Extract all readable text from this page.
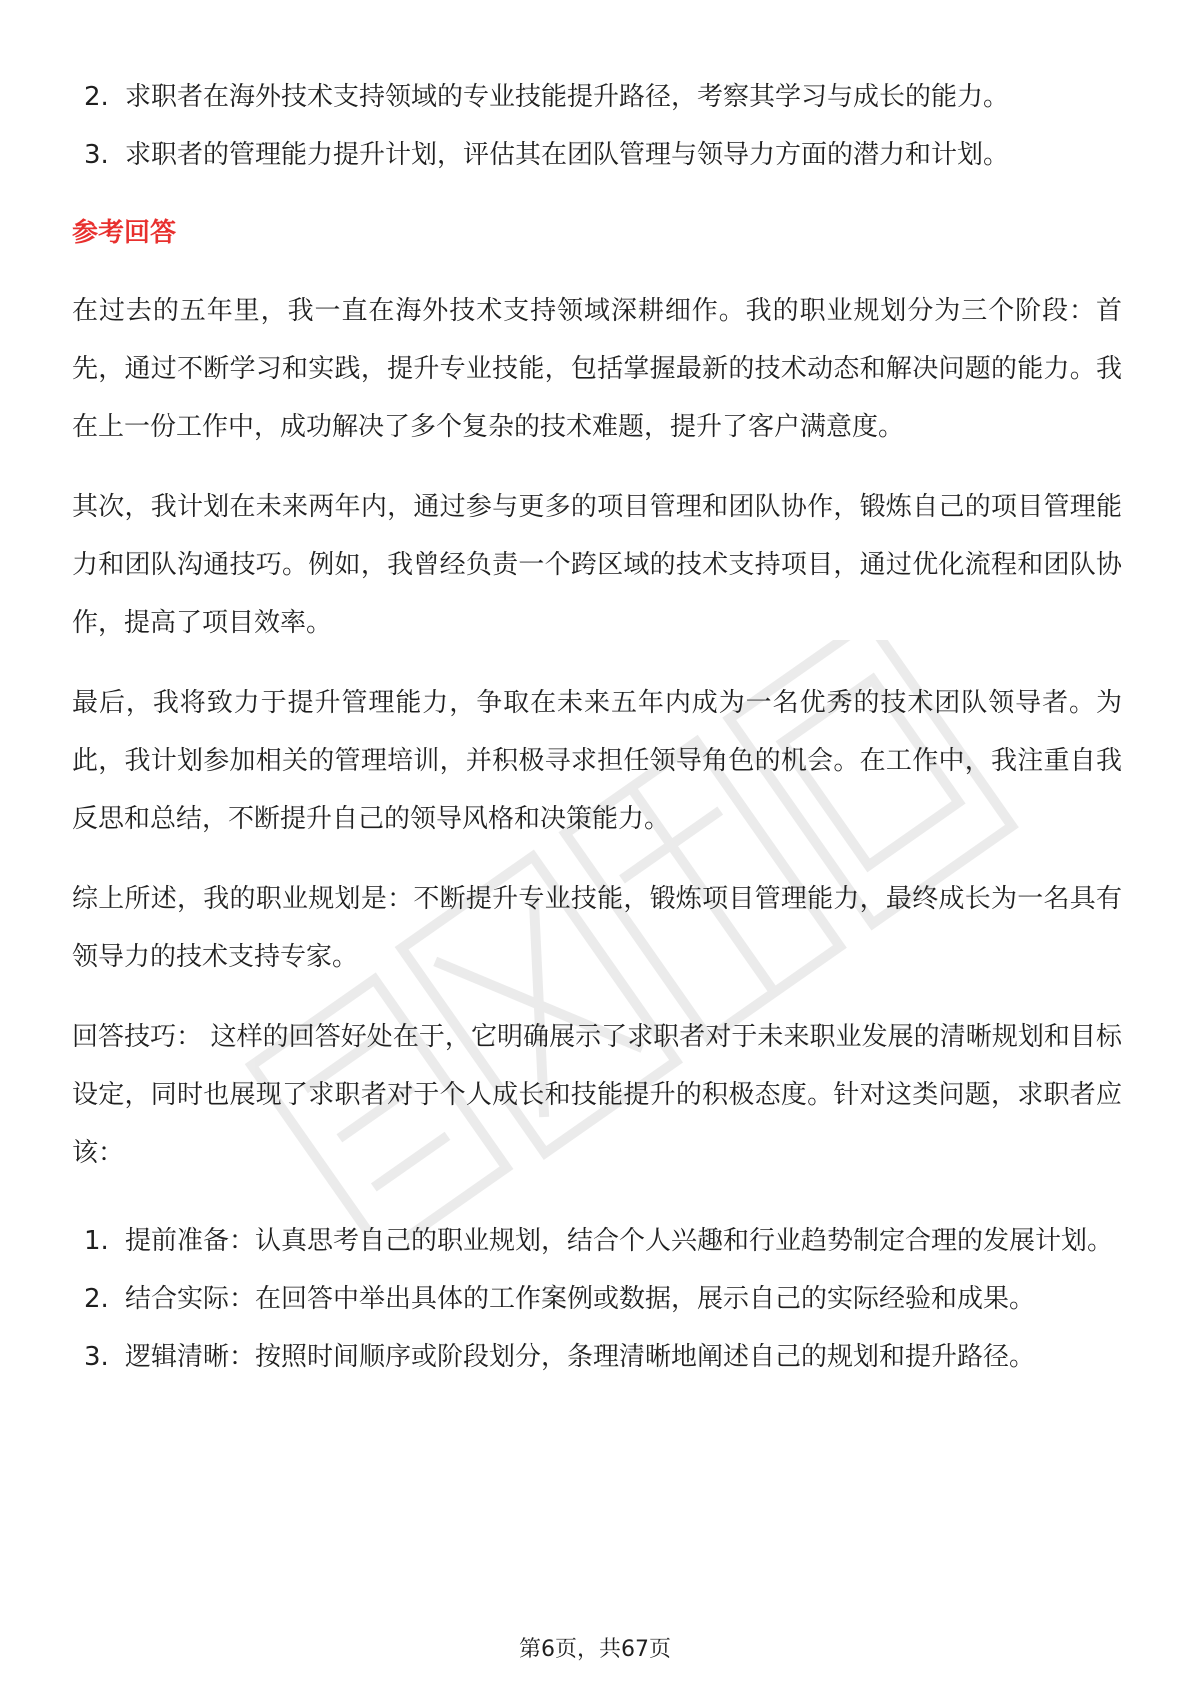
2. 求职者在海外技术支持领域的专业技能提升路径，考察其学习与成长的能力。
3. 求职者的管理能力提升计划，评估其在团队管理与领导力方面的潜力和计划。
参考回答

在过去的五年里，我一直在海外技术支持领域深耕细作。我的职业规划分为三个阶段：首先，通过不断学习和实践，提升专业技能，包括掌握最新的技术动态和解决问题的能力。我在上一份工作中，成功解决了多个复杂的技术难题，提升了客户满意度。

其次，我计划在未来两年内，通过参与更多的项目管理和团队协作，锻炼自己的项目管理能力和团队沟通技巧。例如，我曾经负责一个跨区域的技术支持项目，通过优化流程和团队协作，提高了项目效率。

最后，我将致力于提升管理能力，争取在未来五年内成为一名优秀的技术团队领导者。为此，我计划参加相关的管理培训，并积极寻求担任领导角色的机会。在工作中，我注重自我反思和总结，不断提升自己的领导风格和决策能力。

综上所述，我的职业规划是：不断提升专业技能，锻炼项目管理能力，最终成长为一名具有领导力的技术支持专家。

回答技巧： 这样的回答好处在于，它明确展示了求职者对于未来职业发展的清晰规划和目标设定，同时也展现了求职者对于个人成长和技能提升的积极态度。针对这类问题，求职者应该：

1. 提前准备：认真思考自己的职业规划，结合个人兴趣和行业趋势制定合理的发展计划。
2. 结合实际：在回答中举出具体的工作案例或数据，展示自己的实际经验和成果。
3. 逻辑清晰：按照时间顺序或阶段划分，条理清晰地阐述自己的规划和提升路径。
第6页，共67页
